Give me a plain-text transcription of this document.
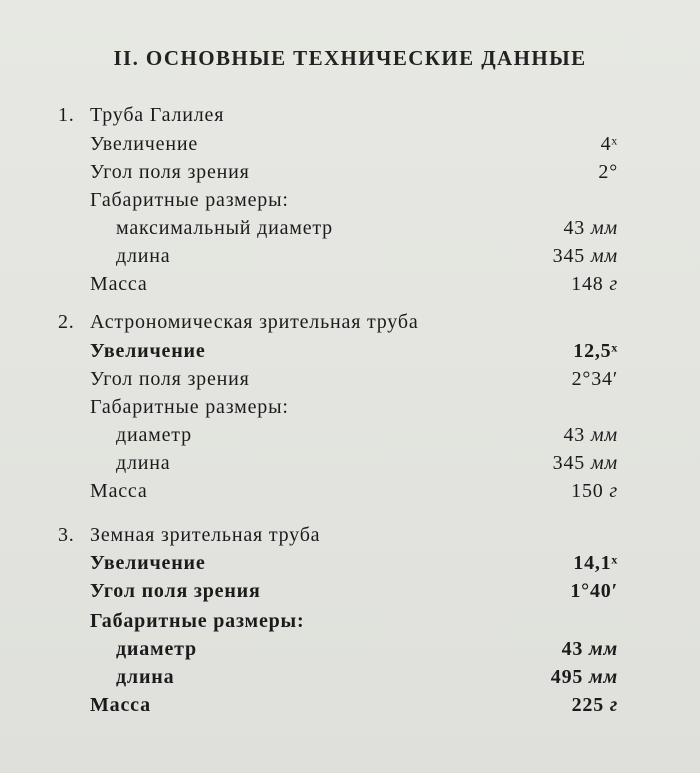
II. ОСНОВНЫЕ ТЕХНИЧЕСКИЕ ДАННЫЕ
1. Труба Галилея
Увеличение	4ˣ
Угол поля зрения	2°
Габаритные размеры:
максимальный диаметр	43 мм
длина	345 мм
Масса	148 г
2. Астрономическая зрительная труба
Увеличение	12,5ˣ
Угол поля зрения	2°34′
Габаритные размеры:
диаметр	43 мм
длина	345 мм
Масса	150 г
3. Земная зрительная труба
Увеличение	14,1ˣ
Угол поля зрения	1°40′
Габаритные размеры:
диаметр	43 мм
длина	495 мм
Масса	225 г
